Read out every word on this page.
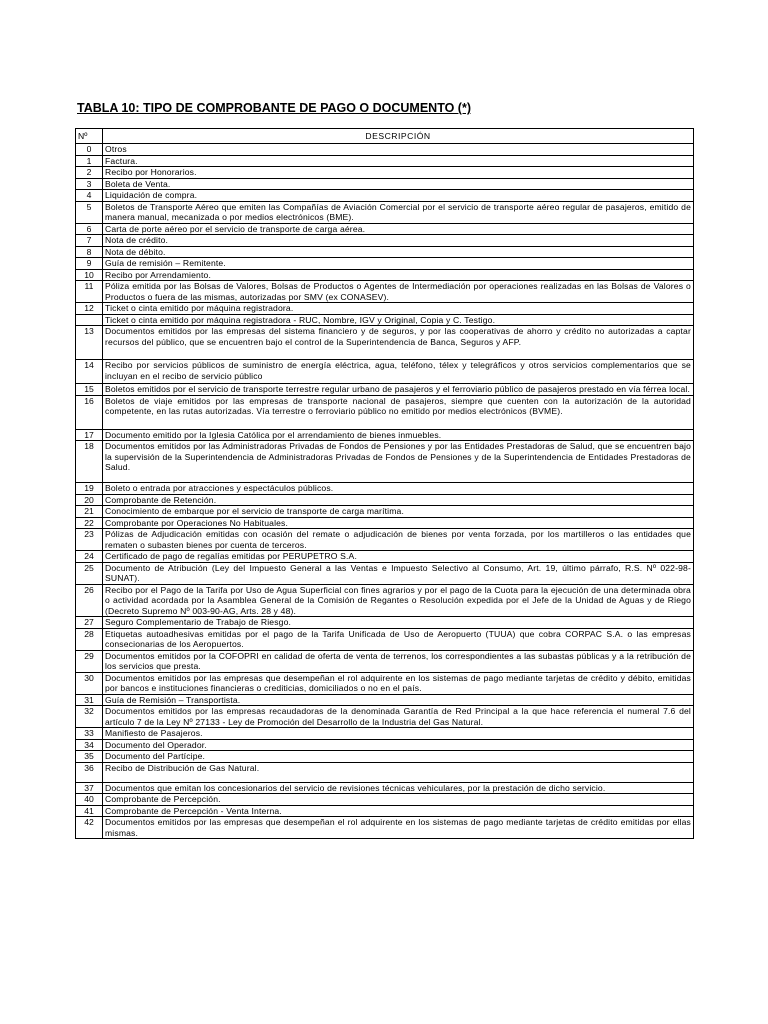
TABLA 10: TIPO DE COMPROBANTE DE PAGO O DOCUMENTO (*)
Nº	DESCRIPCIÓN
0	Otros
1	Factura.
2	Recibo por Honorarios.
3	Boleta de Venta.
4	Liquidación de compra.
5	Boletos de Transporte Aéreo que emiten las Compañías de Aviación Comercial por el servicio de transporte aéreo regular de pasajeros, emitido de manera manual, mecanizada o por medios electrónicos (BME).
6	Carta de porte aéreo por el servicio de transporte de carga aérea.
7	Nota de crédito.
8	Nota de débito.
9	Guía de remisión – Remitente.
10	Recibo por Arrendamiento.
11	Póliza emitida por las Bolsas de Valores, Bolsas de Productos o Agentes de Intermediación por operaciones realizadas en las Bolsas de Valores o Productos o fuera de las mismas, autorizadas por SMV (ex CONASEV).
12	Ticket o cinta emitido por máquina registradora.
	Ticket o cinta emitido por máquina registradora - RUC, Nombre, IGV y Original, Copia y C. Testigo.
13	Documentos emitidos por las empresas del sistema financiero y de seguros, y por las cooperativas de ahorro y crédito no autorizadas a captar recursos del público, que se encuentren bajo el control de la Superintendencia de Banca, Seguros y AFP.
14	Recibo por servicios públicos de suministro de energía eléctrica, agua, teléfono, télex y telegráficos y otros servicios complementarios que se incluyan en el recibo de servicio público
15	Boletos emitidos por el servicio de transporte terrestre regular urbano de pasajeros y el ferroviario público de pasajeros prestado en vía férrea local.
16	Boletos de viaje emitidos por las empresas de transporte nacional de pasajeros, siempre que cuenten con la autorización de la autoridad competente, en las rutas autorizadas. Vía terrestre o ferroviario público no emitido por medios electrónicos (BVME).
17	Documento emitido por la Iglesia Católica por el arrendamiento de bienes inmuebles.
18	Documentos emitidos por las Administradoras Privadas de Fondos de Pensiones y por las Entidades Prestadoras de Salud, que se encuentren bajo la supervisión de la Superintendencia de Administradoras Privadas de Fondos de Pensiones y de la Superintendencia de Entidades Prestadoras de Salud.
19	Boleto o entrada por atracciones y espectáculos públicos.
20	Comprobante de Retención.
21	Conocimiento de embarque por el servicio de transporte de carga marítima.
22	Comprobante por Operaciones No Habituales.
23	Pólizas de Adjudicación emitidas con ocasión del remate o adjudicación de bienes por venta forzada, por los martilleros o las entidades que rematen o subasten bienes por cuenta de terceros.
24	Certificado de pago de regalías emitidas por PERUPETRO S.A.
25	Documento de Atribución (Ley del Impuesto General a las Ventas e Impuesto Selectivo al Consumo, Art. 19, último párrafo, R.S. Nº 022-98- SUNAT).
26	Recibo por el Pago de la Tarifa por Uso de Agua Superficial con fines agrarios y por el pago de la Cuota para la ejecución de una determinada obra o actividad acordada por la Asamblea General de la Comisión de Regantes o Resolución expedida por el Jefe de la Unidad de Aguas y de Riego (Decreto Supremo Nº 003-90-AG, Arts. 28 y 48).
27	Seguro Complementario de Trabajo de Riesgo.
28	Etiquetas autoadhesivas emitidas por el pago de la Tarifa Unificada de Uso de Aeropuerto (TUUA) que cobra CORPAC S.A. o las empresas consecionarias de los Aeropuertos.
29	Documentos emitidos por la COFOPRI en calidad de oferta de venta de terrenos, los correspondientes a las subastas públicas y a la retribución de los servicios que presta.
30	Documentos emitidos por las empresas que desempeñan el rol adquirente en los sistemas de pago mediante tarjetas de crédito y débito, emitidas por bancos e instituciones financieras o crediticias, domiciliados o no en el país.
31	Guía de Remisión – Transportista.
32	Documentos emitidos por las empresas recaudadoras de la denominada Garantía de Red Principal a la que hace referencia el numeral 7.6 del artículo 7 de la Ley Nº 27133 - Ley de Promoción del Desarrollo de la Industria del Gas Natural.
33	Manifiesto de Pasajeros.
34	Documento del Operador.
35	Documento del Partícipe.
36	Recibo de Distribución de Gas Natural.
37	Documentos que emitan los concesionarios del servicio de revisiones técnicas vehiculares, por la prestación de dicho servicio.
40	Comprobante de Percepción.
41	Comprobante de Percepción - Venta Interna.
42	Documentos emitidos por las empresas que desempeñan el rol adquirente en los sistemas de pago mediante tarjetas de crédito emitidas por ellas mismas.
